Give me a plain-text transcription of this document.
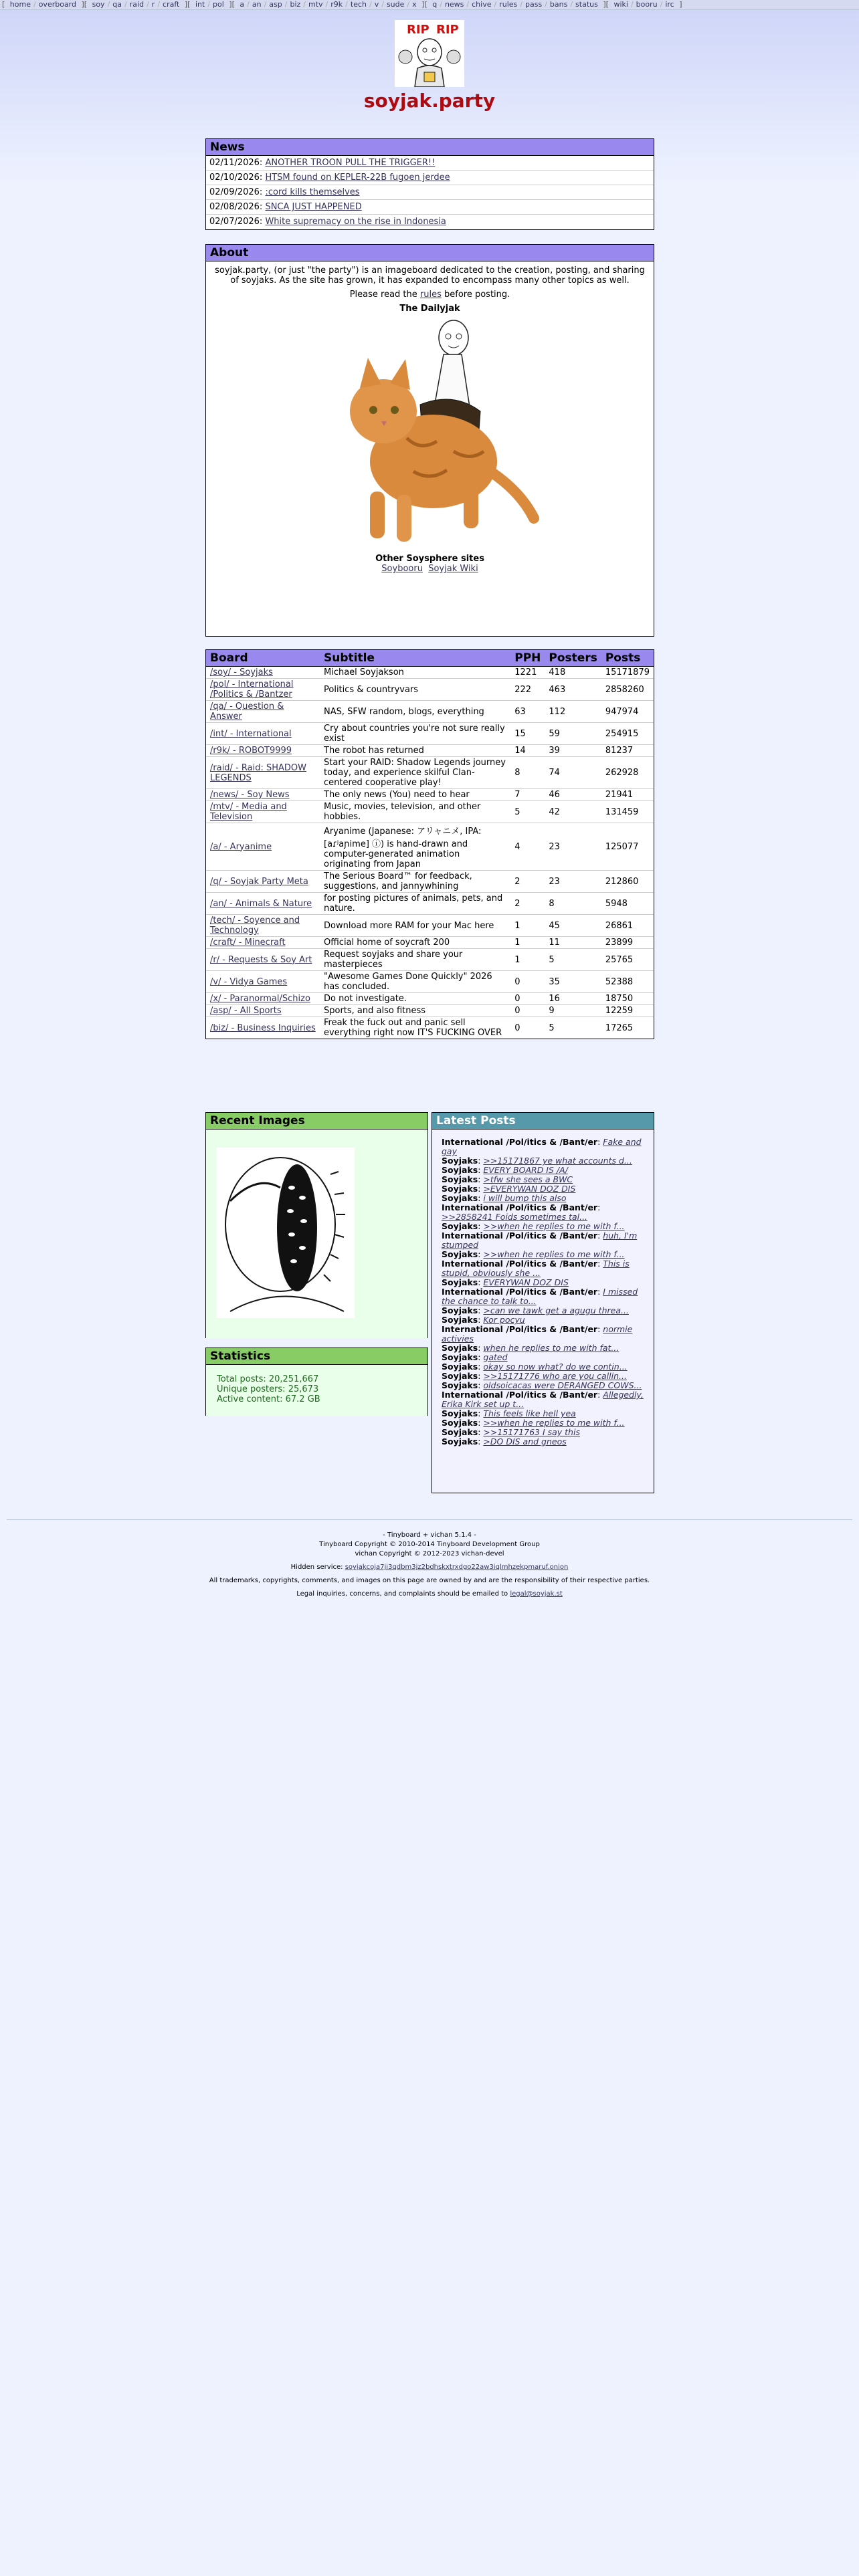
[ home / overboard ][ soy / qa / raid / r / craft ][ int / pol ][ a / an / asp / biz / mtv / r9k / tech / v / sude / x ][ q / news / chive / rules / pass / bans / status ][ wiki / booru / irc ]
RIP RIP
soyjak.party
News
02/11/2026: ANOTHER TROON PULL THE TRIGGER!!
02/10/2026: HTSM found on KEPLER-22B fugoen jerdee
02/09/2026: :cord kills themselves
02/08/2026: SNCA JUST HAPPENED
02/07/2026: White supremacy on the rise in Indonesia
About

soyjak.party, (or just "the party") is an imageboard dedicated to the creation, posting, and sharing of soyjaks. As the site has grown, it has expanded to encompass many other topics as well.

Please read the rules before posting.

The Dailyjak

Other Soysphere sites

Soybooru Soyjak Wiki

Board	Subtitle	PPH	Posters	Posts
/soy/ - Soyjaks	Michael Soyjakson	1221	418	15171879
/pol/ - International /Politics & /Bantzer	Politics & countryvars	222	463	2858260
/qa/ - Question & Answer	NAS, SFW random, blogs, everything	63	112	947974
/int/ - International	Cry about countries you're not sure really exist	15	59	254915
/r9k/ - ROBOT9999	The robot has returned	14	39	81237
/raid/ - Raid: SHADOW LEGENDS	Start your RAID: Shadow Legends journey today, and experience skilful Clan-centered cooperative play!	8	74	262928
/news/ - Soy News	The only news (You) need to hear	7	46	21941
/mtv/ - Media and Television	Music, movies, television, and other hobbies.	5	42	131459
/a/ - Aryanime	Aryanime (Japanese: アリャニメ, IPA: [aɾʲaɲime] ⓘ) is hand-drawn and computer-generated animation originating from Japan	4	23	125077
/q/ - Soyjak Party Meta	The Serious Board™ for feedback, suggestions, and jannywhining	2	23	212860
/an/ - Animals & Nature	for posting pictures of animals, pets, and nature.	2	8	5948
/tech/ - Soyence and Technology	Download more RAM for your Mac here	1	45	26861
/craft/ - Minecraft	Official home of soycraft 200	1	11	23899
/r/ - Requests & Soy Art	Request soyjaks and share your masterpieces	1	5	25765
/v/ - Vidya Games	"Awesome Games Done Quickly" 2026 has concluded.	0	35	52388
/x/ - Paranormal/Schizo	Do not investigate.	0	16	18750
/asp/ - All Sports	Sports, and also fitness	0	9	12259
/biz/ - Business Inquiries	Freak the fuck out and panic sell everything right now IT'S FUCKING OVER	0	5	17265
Recent Images
Statistics
Total posts: 20,251,667
Unique posters: 25,673
Active content: 67.2 GB
Latest Posts
International /Pol/itics & /Bant/er: Fake and gay
Soyjaks: >>15171867 ye what accounts d...
Soyjaks: EVERY BOARD IS /A/
Soyjaks: >tfw she sees a BWC
Soyjaks: >EVERYWAN DOZ DIS
Soyjaks: i will bump this also
International /Pol/itics & /Bant/er: >>2858241 Foids sometimes tal...
Soyjaks: >>when he replies to me with f...
International /Pol/itics & /Bant/er: huh, I'm stumped
Soyjaks: >>when he replies to me with f...
International /Pol/itics & /Bant/er: This is stupid, obviously she ...
Soyjaks: EVERYWAN DOZ DIS
International /Pol/itics & /Bant/er: I missed the chance to talk to...
Soyjaks: >can we tawk get a agugu threa...
Soyjaks: Kor pocyu
International /Pol/itics & /Bant/er: normie activies
Soyjaks: when he replies to me with fat...
Soyjaks: gated
Soyjaks: okay so now what? do we contin...
Soyjaks: >>15171776 who are you callin...
Soyjaks: oldsoicacas were DERANGED COWS...
International /Pol/itics & /Bant/er: Allegedly, Erika Kirk set up t...
Soyjaks: This feels like hell yea
Soyjaks: >>when he replies to me with f...
Soyjaks: >>15171763 I say this
Soyjaks: >DO DIS and gneos

- Tinyboard + vichan 5.1.4 -

Tinyboard Copyright © 2010-2014 Tinyboard Development Group

vichan Copyright © 2012-2023 vichan-devel

Hidden service: soyjakcoja7ji3qdbm3jz2bdhskxtrxdgo22aw3iqlmhzekpmaruf.onion

All trademarks, copyrights, comments, and images on this page are owned by and are the responsibility of their respective parties.

Legal inquiries, concerns, and complaints should be emailed to legal@soyjak.st
